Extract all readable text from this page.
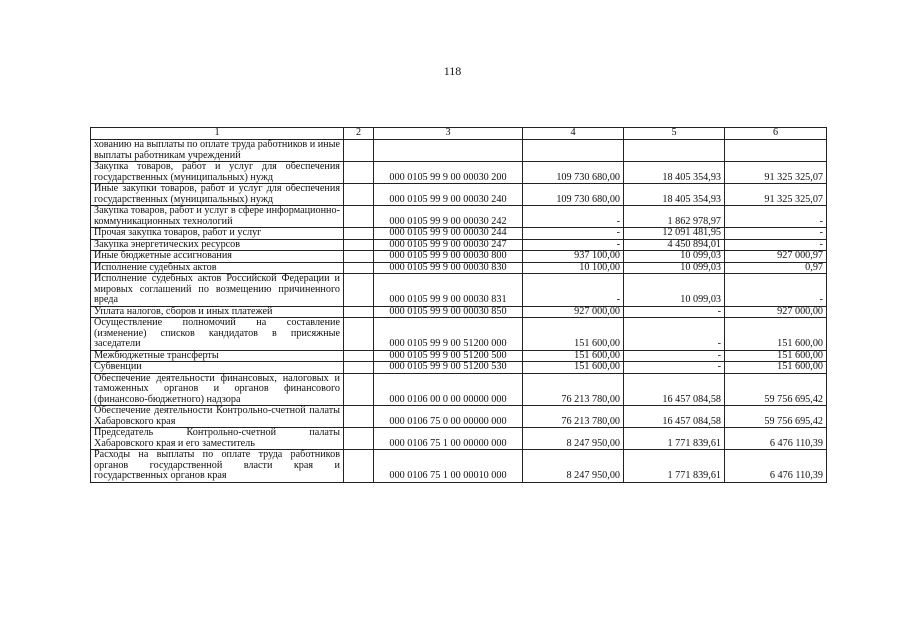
118
1	2	3	4	5	6
хованию на выплаты по оплате труда работников и иные выплаты работникам учреждений					
Закупка товаров, работ и услуг для обеспечения государственных (муниципальных) нужд		000 0105 99 9 00 00030 200	109 730 680,00	18 405 354,93	91 325 325,07
Иные закупки товаров, работ и услуг для обеспечения государственных (муниципальных) нужд		000 0105 99 9 00 00030 240	109 730 680,00	18 405 354,93	91 325 325,07
Закупка товаров, работ и услуг в сфере информационно-коммуникационных технологий		000 0105 99 9 00 00030 242	-	1 862 978,97	-
Прочая закупка товаров, работ и услуг		000 0105 99 9 00 00030 244	-	12 091 481,95	-
Закупка энергетических ресурсов		000 0105 99 9 00 00030 247	-	4 450 894,01	-
Иные бюджетные ассигнования		000 0105 99 9 00 00030 800	937 100,00	10 099,03	927 000,97
Исполнение судебных актов		000 0105 99 9 00 00030 830	10 100,00	10 099,03	0,97
Исполнение судебных актов Российской Федерации и мировых соглашений по возмещению причиненного вреда		000 0105 99 9 00 00030 831	-	10 099,03	-
Уплата налогов, сборов и иных платежей		000 0105 99 9 00 00030 850	927 000,00	-	927 000,00
Осуществление полномочий на составление (изменение) списков кандидатов в присяжные заседатели		000 0105 99 9 00 51200 000	151 600,00	-	151 600,00
Межбюджетные трансферты		000 0105 99 9 00 51200 500	151 600,00	-	151 600,00
Субвенции		000 0105 99 9 00 51200 530	151 600,00	-	151 600,00
Обеспечение деятельности финансовых, налоговых и таможенных органов и органов финансового (финансово-бюджетного) надзора		000 0106 00 0 00 00000 000	76 213 780,00	16 457 084,58	59 756 695,42
Обеспечение деятельности Контрольно-счетной палаты Хабаровского края		000 0106 75 0 00 00000 000	76 213 780,00	16 457 084,58	59 756 695,42
Председатель Контрольно-счетной палаты Хабаровского края и его заместитель		000 0106 75 1 00 00000 000	8 247 950,00	1 771 839,61	6 476 110,39
Расходы на выплаты по оплате труда работников органов государственной власти края и государственных органов края		000 0106 75 1 00 00010 000	8 247 950,00	1 771 839,61	6 476 110,39
